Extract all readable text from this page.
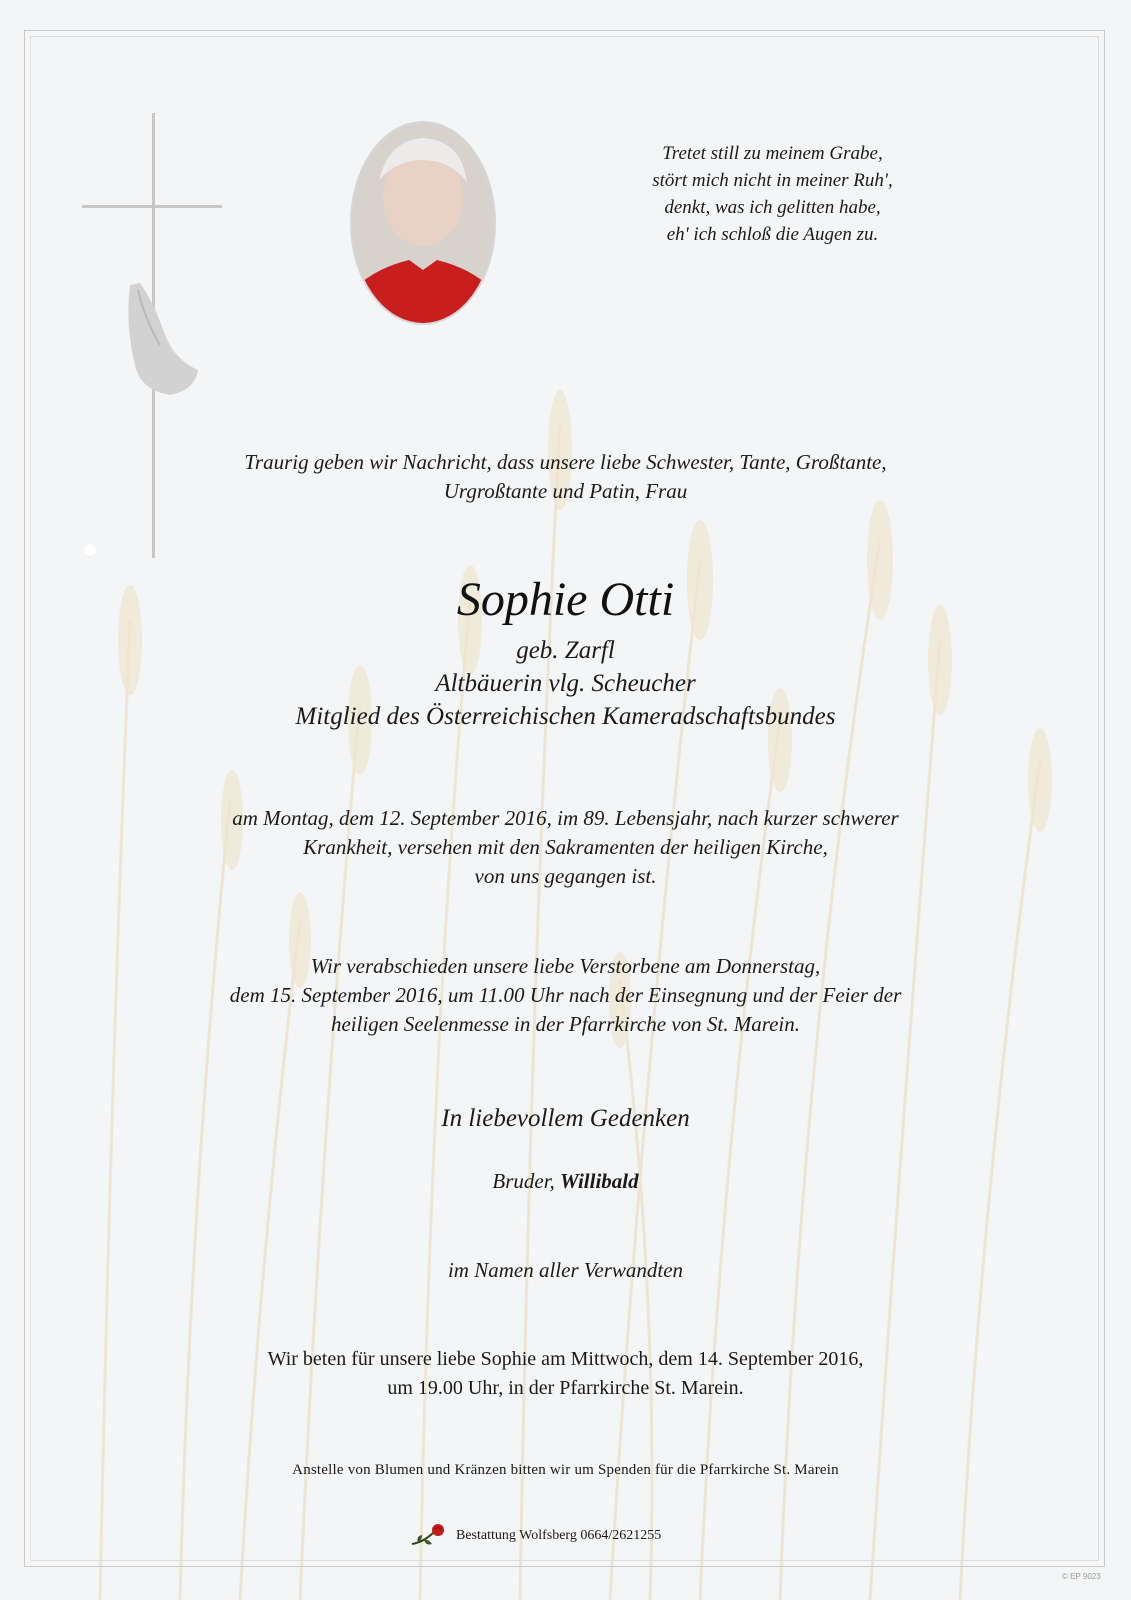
Tretet still zu meinem Grabe,
stört mich nicht in meiner Ruh',
denkt, was ich gelitten habe,
eh' ich schloß die Augen zu.
Traurig geben wir Nachricht, dass unsere liebe Schwester, Tante, Großtante,
Urgroßtante und Patin, Frau
Sophie Otti
geb. Zarfl
Altbäuerin vlg. Scheucher
Mitglied des Österreichischen Kameradschaftsbundes
am Montag, dem 12. September 2016, im 89. Lebensjahr, nach kurzer schwerer
Krankheit, versehen mit den Sakramenten der heiligen Kirche,
von uns gegangen ist.
Wir verabschieden unsere liebe Verstorbene am Donnerstag,
dem 15. September 2016, um 11.00 Uhr nach der Einsegnung und der Feier der
heiligen Seelenmesse in der Pfarrkirche von St. Marein.
In liebevollem Gedenken
Bruder, Willibald
im Namen aller Verwandten
Wir beten für unsere liebe Sophie am Mittwoch, dem 14. September 2016,
um 19.00 Uhr, in der Pfarrkirche St. Marein.
Anstelle von Blumen und Kränzen bitten wir um Spenden für die Pfarrkirche St. Marein
Bestattung Wolfsberg 0664/2621255
© EP 9023
